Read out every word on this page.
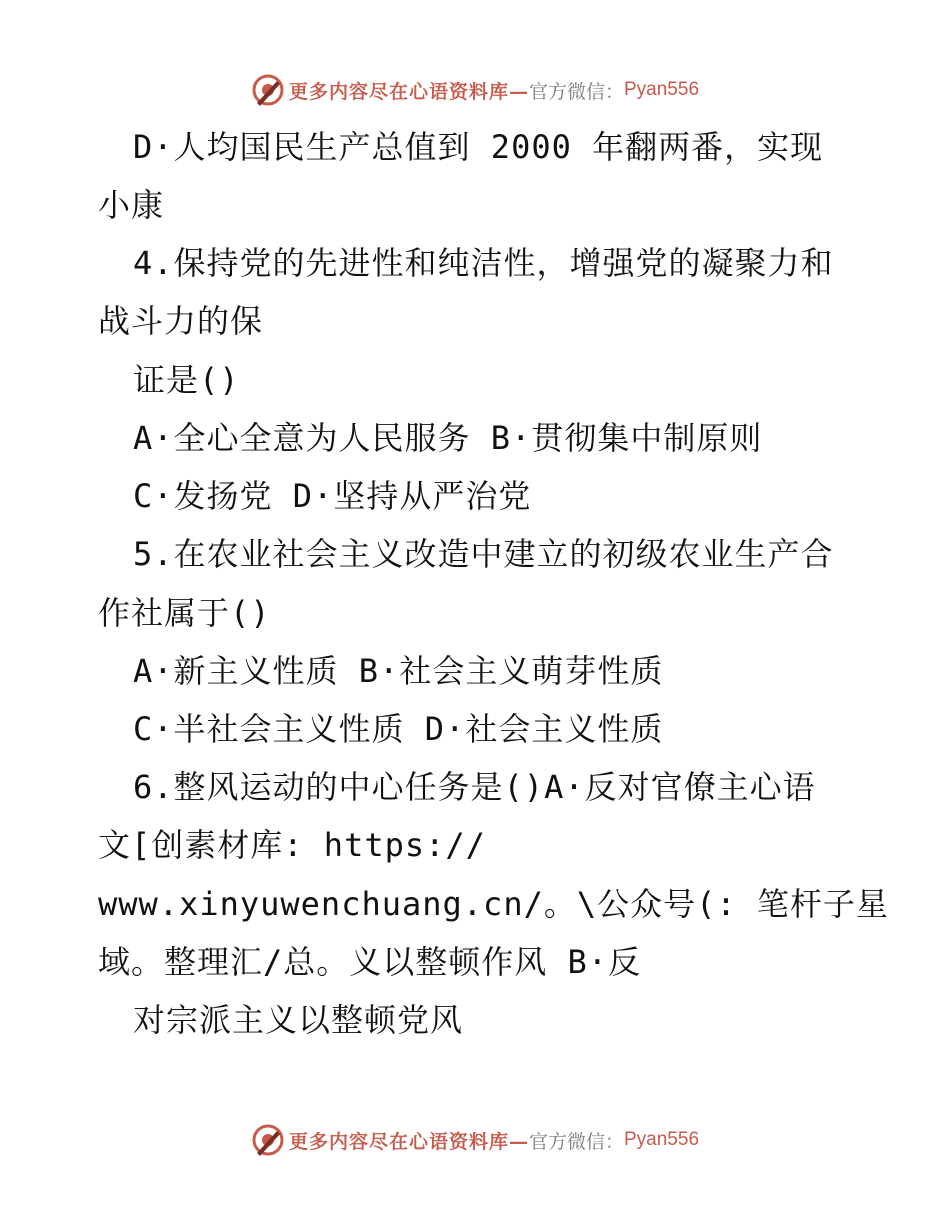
更多内容尽在心语资料库— 官方微信： Pyan556
D·人均国民生产总值到 2000 年翻两番，实现
小康
4.保持党的先进性和纯洁性，增强党的凝聚力和
战斗力的保
证是()
A·全心全意为人民服务 B·贯彻集中制原则
C·发扬党 D·坚持从严治党
5.在农业社会主义改造中建立的初级农业生产合
作社属于()
A·新主义性质 B·社会主义萌芽性质
C·半社会主义性质 D·社会主义性质
6.整风运动的中心任务是()A·反对官僚主心语
文[创素材库: https://
www.xinyuwenchuang.cn/。\公众号(: 笔杆子星
域。整理汇/总。义以整顿作风 B·反
对宗派主义以整顿党风
更多内容尽在心语资料库— 官方微信： Pyan556
